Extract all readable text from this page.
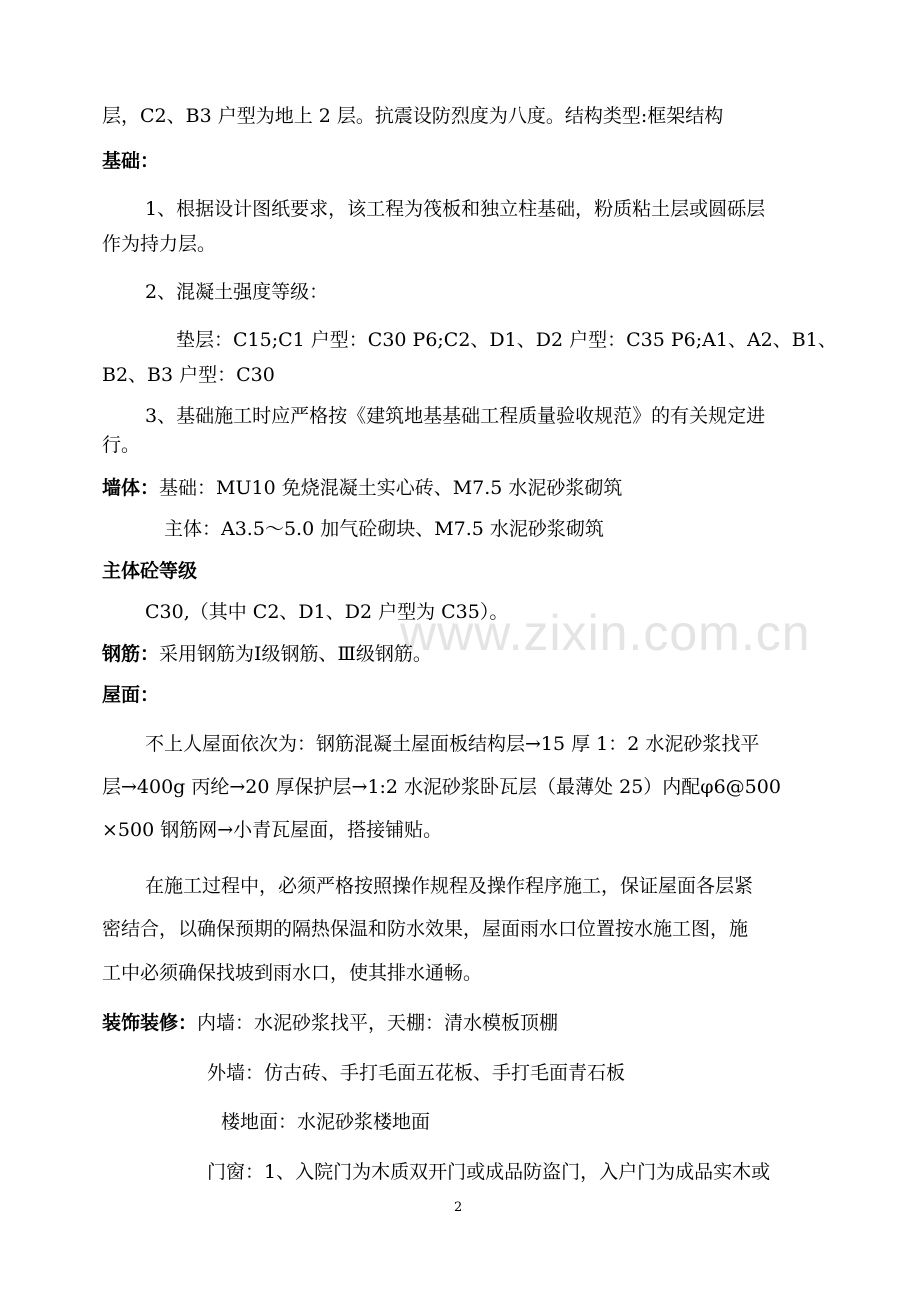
www.zixin.com.cn
层，C2、B3 户型为地上 2 层。抗震设防烈度为八度。结构类型:框架结构
基础：
1、根据设计图纸要求，该工程为筏板和独立柱基础，粉质粘土层或圆砾层
作为持力层。
2、混凝土强度等级：
垫层：C15;C1 户型：C30 P6;C2、D1、D2 户型：C35 P6;A1、A2、B1、
B2、B3 户型：C30
3、基础施工时应严格按《建筑地基基础工程质量验收规范》的有关规定进
行。
墙体：基础：MU10 免烧混凝土实心砖、M7.5 水泥砂浆砌筑
主体：A3.5～5.0 加气砼砌块、M7.5 水泥砂浆砌筑
主体砼等级
C30,（其中 C2、D1、D2 户型为 C35）。
钢筋：采用钢筋为Ⅰ级钢筋、Ⅲ级钢筋。
屋面：
不上人屋面依次为：钢筋混凝土屋面板结构层→15 厚 1：2 水泥砂浆找平
层→400g 丙纶→20 厚保护层→1:2 水泥砂浆卧瓦层（最薄处 25）内配φ6@500
×500 钢筋网→小青瓦屋面，搭接铺贴。
在施工过程中，必须严格按照操作规程及操作程序施工，保证屋面各层紧
密结合，以确保预期的隔热保温和防水效果，屋面雨水口位置按水施工图，施
工中必须确保找坡到雨水口，使其排水通畅。
装饰装修：内墙：水泥砂浆找平，天棚：清水模板顶棚
外墙：仿古砖、手打毛面五花板、手打毛面青石板
楼地面：水泥砂浆楼地面
门窗：1、入院门为木质双开门或成品防盗门，入户门为成品实木或
2
